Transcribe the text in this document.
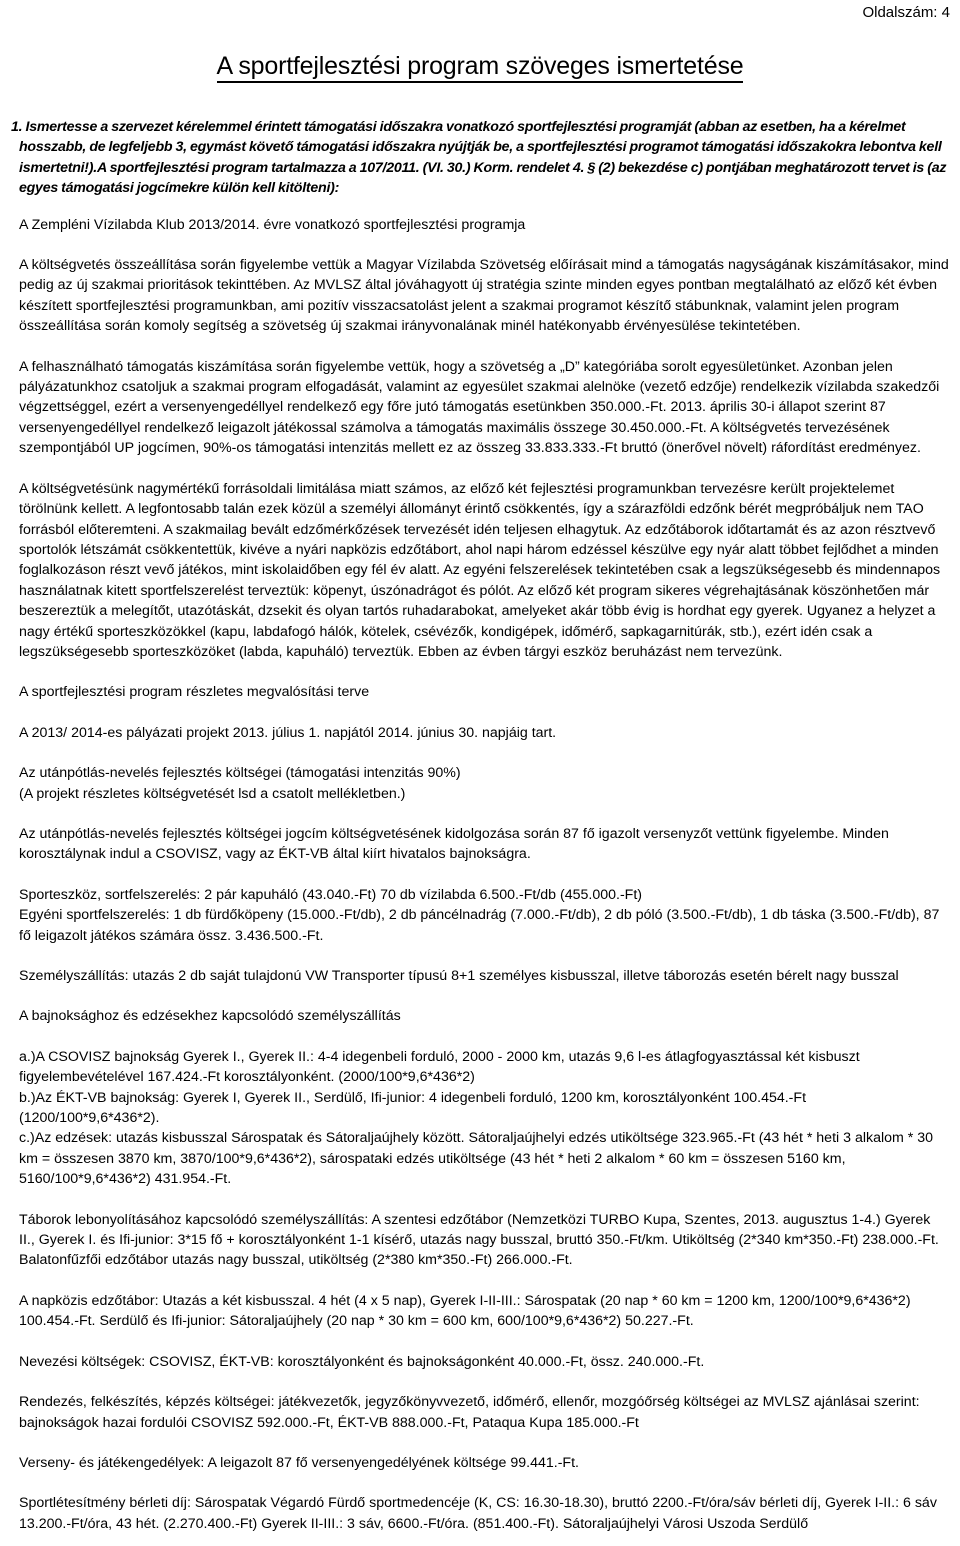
Oldalszám: 4
A sportfejlesztési program szöveges ismertetése

1. Ismertesse a szervezet kérelemmel érintett támogatási időszakra vonatkozó sportfejlesztési programját (abban az esetben, ha a kérelmet hosszabb, de legfeljebb 3, egymást követő támogatási időszakra nyújtják be, a sportfejlesztési programot támogatási időszakokra lebontva kell ismertetni!).A sportfejlesztési program tartalmazza a 107/2011. (VI. 30.) Korm. rendelet 4. § (2) bekezdése c) pontjában meghatározott tervet is (az egyes támogatási jogcímekre külön kell kitölteni):

A Zempléni Vízilabda Klub 2013/2014. évre vonatkozó sportfejlesztési programja

A költségvetés összeállítása során figyelembe vettük a Magyar Vízilabda Szövetség előírásait mind a támogatás nagyságának kiszámításakor, mind pedig az új szakmai prioritások tekinttében. Az MVLSZ által jóváhagyott új stratégia szinte minden egyes pontban megtalálható az előző két évben készített sportfejlesztési programunkban, ami pozitív visszacsatolást jelent a szakmai programot készítő stábunknak, valamint jelen program összeállítása során komoly segítség a szövetség új szakmai irányvonalának minél hatékonyabb érvényesülése tekintetében.

A felhasználható támogatás kiszámítása során figyelembe vettük, hogy a szövetség a „D” kategóriába sorolt egyesületünket. Azonban jelen pályázatunkhoz csatoljuk a szakmai program elfogadását, valamint az egyesület szakmai alelnöke (vezető edzője) rendelkezik vízilabda szakedzői végzettséggel, ezért a versenyengedéllyel rendelkező egy főre jutó támogatás esetünkben 350.000.-Ft. 2013. április 30-i állapot szerint 87 versenyengedéllyel rendelkező leigazolt játékossal számolva a támogatás maximális összege 30.450.000.-Ft. A költségvetés tervezésének szempontjából UP jogcímen, 90%-os támogatási intenzitás mellett ez az összeg 33.833.333.-Ft bruttó (önerővel növelt) ráfordítást eredményez.

A költségvetésünk nagymértékű forrásoldali limitálása miatt számos, az előző két fejlesztési programunkban tervezésre került projektelemet törölnünk kellett. A legfontosabb talán ezek közül a személyi állományt érintő csökkentés, így a szárazföldi edzőnk bérét megpróbáljuk nem TAO forrásból előteremteni. A szakmailag bevált edzőmérkőzések tervezését idén teljesen elhagytuk. Az edzőtáborok időtartamát és az azon résztvevő sportolók létszámát csökkentettük, kivéve a nyári napközis edzőtábort, ahol napi három edzéssel készülve egy nyár alatt többet fejlődhet a minden foglalkozáson részt vevő játékos, mint iskolaidőben egy fél év alatt. Az egyéni felszerelések tekintetében csak a legszükségesebb és mindennapos használatnak kitett sportfelszerelést terveztük: köpenyt, úszónadrágot és pólót. Az előző két program sikeres végrehajtásának köszönhetően már beszereztük a melegítőt, utazótáskát, dzsekit és olyan tartós ruhadarabokat, amelyeket akár több évig is hordhat egy gyerek. Ugyanez a helyzet a nagy értékű sporteszközökkel (kapu, labdafogó hálók, kötelek, csévézők, kondigépek, időmérő, sapkagarnitúrák, stb.), ezért idén csak a legszükségesebb sporteszközöket (labda, kapuháló) terveztük. Ebben az évben tárgyi eszköz beruházást nem tervezünk.

A sportfejlesztési program részletes megvalósítási terve

A 2013/ 2014-es pályázati projekt 2013. július 1. napjától 2014. június 30. napjáig tart.

Az utánpótlás-nevelés fejlesztés költségei (támogatási intenzitás 90%)

(A projekt részletes költségvetését lsd a csatolt mellékletben.)

Az utánpótlás-nevelés fejlesztés költségei jogcím költségvetésének kidolgozása során 87 fő igazolt versenyzőt vettünk figyelembe. Minden korosztálynak indul a CSOVISZ, vagy az ÉKT-VB által kiírt hivatalos bajnokságra.

Sporteszköz, sortfelszerelés: 2 pár kapuháló (43.040.-Ft) 70 db vízilabda 6.500.-Ft/db (455.000.-Ft)

Egyéni sportfelszerelés: 1 db fürdőköpeny (15.000.-Ft/db), 2 db páncélnadrág (7.000.-Ft/db), 2 db póló (3.500.-Ft/db), 1 db táska (3.500.-Ft/db), 87 fő leigazolt játékos számára össz. 3.436.500.-Ft.

Személyszállítás: utazás 2 db saját tulajdonú VW Transporter típusú 8+1 személyes kisbusszal, illetve táborozás esetén bérelt nagy busszal

A bajnoksághoz és edzésekhez kapcsolódó személyszállítás

a.)A CSOVISZ bajnokság Gyerek I., Gyerek II.: 4-4 idegenbeli forduló, 2000 - 2000 km, utazás 9,6 l-es átlagfogyasztással két kisbuszt figyelembevételével 167.424.-Ft korosztályonként. (2000/100*9,6*436*2)

b.)Az ÉKT-VB bajnokság: Gyerek I, Gyerek II., Serdülő, Ifi-junior: 4 idegenbeli forduló, 1200 km, korosztályonként 100.454.-Ft (1200/100*9,6*436*2).

c.)Az edzések: utazás kisbusszal Sárospatak és Sátoraljaújhely között. Sátoraljaújhelyi edzés utiköltsége 323.965.-Ft (43 hét * heti 3 alkalom * 30 km = összesen 3870 km, 3870/100*9,6*436*2), sárospataki edzés utiköltsége (43 hét * heti 2 alkalom * 60 km = összesen 5160 km, 5160/100*9,6*436*2) 431.954.-Ft.

Táborok lebonyolításához kapcsolódó személyszállítás: A szentesi edzőtábor (Nemzetközi TURBO Kupa, Szentes, 2013. augusztus 1-4.) Gyerek II., Gyerek I. és Ifi-junior: 3*15 fő + korosztályonként 1-1 kísérő, utazás nagy busszal, bruttó 350.-Ft/km. Utiköltség (2*340 km*350.-Ft) 238.000.-Ft. Balatonfűzfői edzőtábor utazás nagy busszal, utiköltség (2*380 km*350.-Ft) 266.000.-Ft.

A napközis edzőtábor: Utazás a két kisbusszal. 4 hét (4 x 5 nap), Gyerek I-II-III.: Sárospatak (20 nap * 60 km = 1200 km, 1200/100*9,6*436*2) 100.454.-Ft. Serdülő és Ifi-junior: Sátoraljaújhely (20 nap * 30 km = 600 km, 600/100*9,6*436*2) 50.227.-Ft.

Nevezési költségek: CSOVISZ, ÉKT-VB: korosztályonként és bajnokságonként 40.000.-Ft, össz. 240.000.-Ft.

Rendezés, felkészítés, képzés költségei: játékvezetők, jegyzőkönyvvezető, időmérő, ellenőr, mozgóőrség költségei az MVLSZ ajánlásai szerint: bajnokságok hazai fordulói CSOVISZ 592.000.-Ft, ÉKT-VB 888.000.-Ft, Pataqua Kupa 185.000.-Ft

Verseny- és játékengedélyek: A leigazolt 87 fő versenyengedélyének költsége 99.441.-Ft.

Sportlétesítmény bérleti díj: Sárospatak Végardó Fürdő sportmedencéje (K, CS: 16.30-18.30), bruttó 2200.-Ft/óra/sáv bérleti díj, Gyerek I-II.: 6 sáv 13.200.-Ft/óra, 43 hét. (2.270.400.-Ft) Gyerek II-III.: 3 sáv, 6600.-Ft/óra. (851.400.-Ft). Sátoraljaújhelyi Városi Uszoda Serdülő
